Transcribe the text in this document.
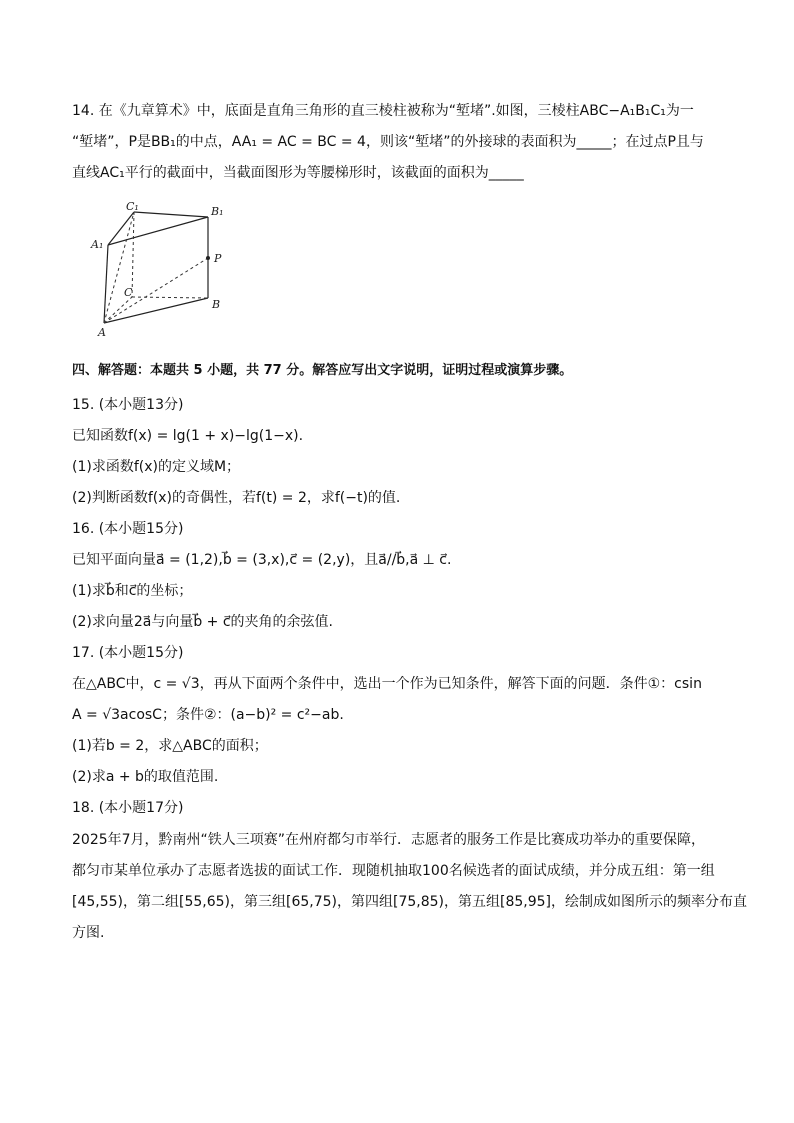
14. 在《九章算术》中，底面是直角三角形的直三棱柱被称为“堑堵”.如图，三棱柱ABC−A₁B₁C₁为一
“堑堵”，P是BB₁的中点，AA₁ = AC = BC = 4，则该“堑堵”的外接球的表面积为_____；在过点P且与
直线AC₁平行的截面中，当截面图形为等腰梯形时，该截面的面积为_____
C₁	B₁
A₁
P
C
B
A
四、解答题：本题共 5 小题，共 77 分。解答应写出文字说明，证明过程或演算步骤。
15. (本小题13分)
已知函数f(x) = lg(1 + x)−lg(1−x).
(1)求函数f(x)的定义域M；
(2)判断函数f(x)的奇偶性，若f(t) = 2，求f(−t)的值.
16. (本小题15分)
已知平面向量a⃗ = (1,2),b⃗ = (3,x),c⃗ = (2,y)，且a⃗//b⃗,a⃗ ⊥ c⃗.
(1)求b⃗和c⃗的坐标；
(2)求向量2a⃗与向量b⃗ + c⃗的夹角的余弦值.
17. (本小题15分)
在△ABC中，c = √3，再从下面两个条件中，选出一个作为已知条件，解答下面的问题．条件①：csin
A = √3acosC；条件②：(a−b)² = c²−ab.
(1)若b = 2，求△ABC的面积；
(2)求a + b的取值范围.
18. (本小题17分)
2025年7月，黔南州“铁人三项赛”在州府都匀市举行．志愿者的服务工作是比赛成功举办的重要保障，
都匀市某单位承办了志愿者选拔的面试工作．现随机抽取100名候选者的面试成绩，并分成五组：第一组
[45,55)，第二组[55,65)，第三组[65,75)，第四组[75,85)，第五组[85,95]，绘制成如图所示的频率分布直
方图.
